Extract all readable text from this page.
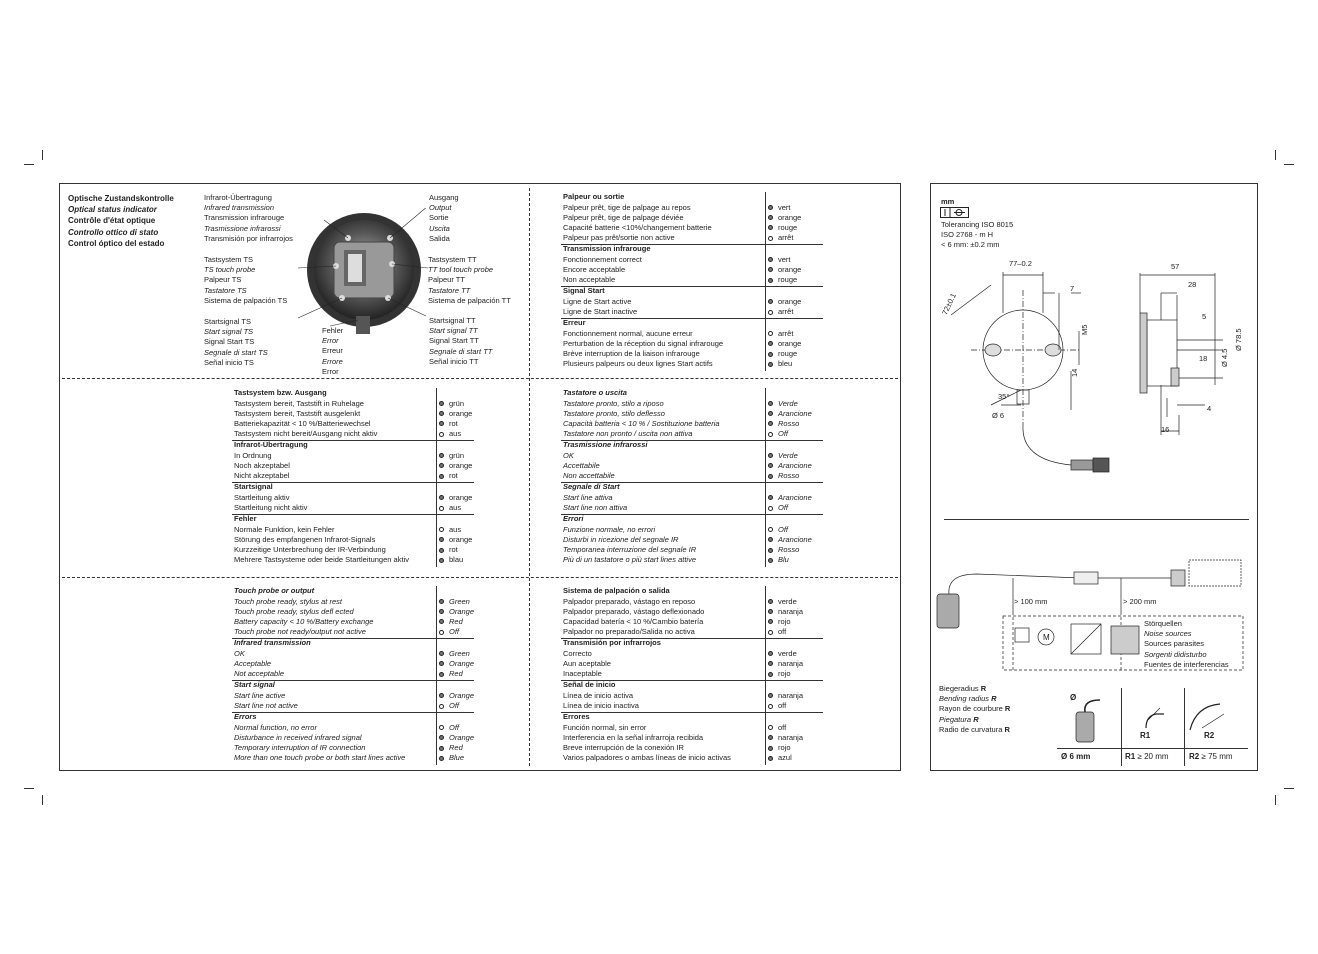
Optische Zustandskontrolle
Optical status indicator
Contrôle d'état optique
Controllo ottico di stato
Control óptico del estado
Infrarot-Übertragung
Infrared transmission
Transmission infrarouge
Trasmissione infrarossi
Transmisión por infrarrojos
Ausgang
Output
Sortie
Uscita
Salida
Tastsystem TS
TS touch probe
Palpeur TS
Tastatore TS
Sistema de palpación TS
Tastsystem TT
TT tool touch probe
Palpeur TT
Tastatore TT
Sistema de palpación TT
Startsignal TS
Start signal TS
Signal Start TS
Segnale di start TS
Señal inicio TS
Fehler
Error
Erreur
Errore
Error
Startsignal TT
Start signal TT
Signal Start TT
Segnale di start TT
Señal inicio TT
Palpeur ou sortie
Palpeur prêt, tige de palpage au repos	vert
Palpeur prêt, tige de palpage déviée	orange
Capacité batterie <10%/changement batterie	rouge
Palpeur pas prêt/sortie non active	arrêt
Transmission infrarouge
Fonctionnement correct	vert
Encore acceptable	orange
Non acceptable	rouge
Signal Start
Ligne de Start active	orange
Ligne de Start inactive	arrêt
Erreur
Fonctionnement normal, aucune erreur	arrêt
Perturbation de la réception du signal infrarouge	orange
Brève interruption de la liaison infrarouge	rouge
Plusieurs palpeurs ou deux lignes Start actifs	bleu
Tastsystem bzw. Ausgang
Tastsystem bereit, Taststift in Ruhelage	grün
Tastsystem bereit, Taststift ausgelenkt	orange
Batteriekapazität < 10 %/Batteriewechsel	rot
Tastsystem nicht bereit/Ausgang nicht aktiv	aus
Infrarot-Übertragung
In Ordnung	grün
Noch akzeptabel	orange
Nicht akzeptabel	rot
Startsignal
Startleitung aktiv	orange
Startleitung nicht aktiv	aus
Fehler
Normale Funktion, kein Fehler	aus
Störung des empfangenen Infrarot-Signals	orange
Kurzzeitige Unterbrechung der IR-Verbindung	rot
Mehrere Tastsysteme oder beide Startleitungen aktiv	blau
Tastatore o uscita
Tastatore pronto, stilo a riposo	Verde
Tastatore pronto, stilo deflesso	Arancione
Capacità batteria < 10 % / Sostituzione batteria	Rosso
Tastatore non pronto / uscita non attiva	Off
Trasmissione infrarossi
OK	Verde
Accettabile	Arancione
Non accettabile	Rosso
Segnale di Start
Start line attiva	Arancione
Start line non attiva	Off
Errori
Funzione normale, no errori	Off
Disturbi in ricezione del segnale IR	Arancione
Temporanea interruzione del segnale IR	Rosso
Più di un tastatore o più start lines attive	Blu
Touch probe or output
Touch probe ready, stylus at rest	Green
Touch probe ready, stylus defl ected	Orange
Battery capacity < 10 %/Battery exchange	Red
Touch probe not ready/output not active	Off
Infrared transmission
OK	Green
Acceptable	Orange
Not acceptable	Red
Start signal
Start line active	Orange
Start line not active	Off
Errors
Normal function, no error	Off
Disturbance in received infrared signal	Orange
Temporary interruption of IR connection	Red
More than one touch probe or both start lines active	Blue
Sistema de palpación o salida
Palpador preparado, vástago en reposo	verde
Palpador preparado, vástago deflexionado	naranja
Capacidad batería < 10 %/Cambio batería	rojo
Palpador no preparado/Salida no activa	off
Transmisión por infrarrojos
Correcto	verde
Aun aceptable	naranja
Inaceptable	rojo
Señal de inicio
Línea de inicio activa	naranja
Línea de inicio inactiva	off
Errores
Función normal, sin error	off
Interferencia en la señal infrarroja recibida	naranja
Breve interrupción de la conexión IR	rojo
Varios palpadores o ambas líneas de inicio activas	azul
mm
Tolerancing ISO 8015
ISO 2768 - m H
< 6 mm: ±0.2 mm
77–0.2
72±0.1
7
M5
14
35°
Ø 6
57
28
5
Ø 4.5
Ø 78.5
18
4
16
> 100 mm	> 200 mm
M
Störquellen
Noise sources
Sources parasites
Sorgenti didisturbo
Fuentes de interferencias
Biegeradius R
Bending radius R
Rayon de courbure R
Piegatura R
Radio de curvatura R
Ø
R1	R2
Ø 6 mm	R1 ≥ 20 mm	R2 ≥ 75 mm
